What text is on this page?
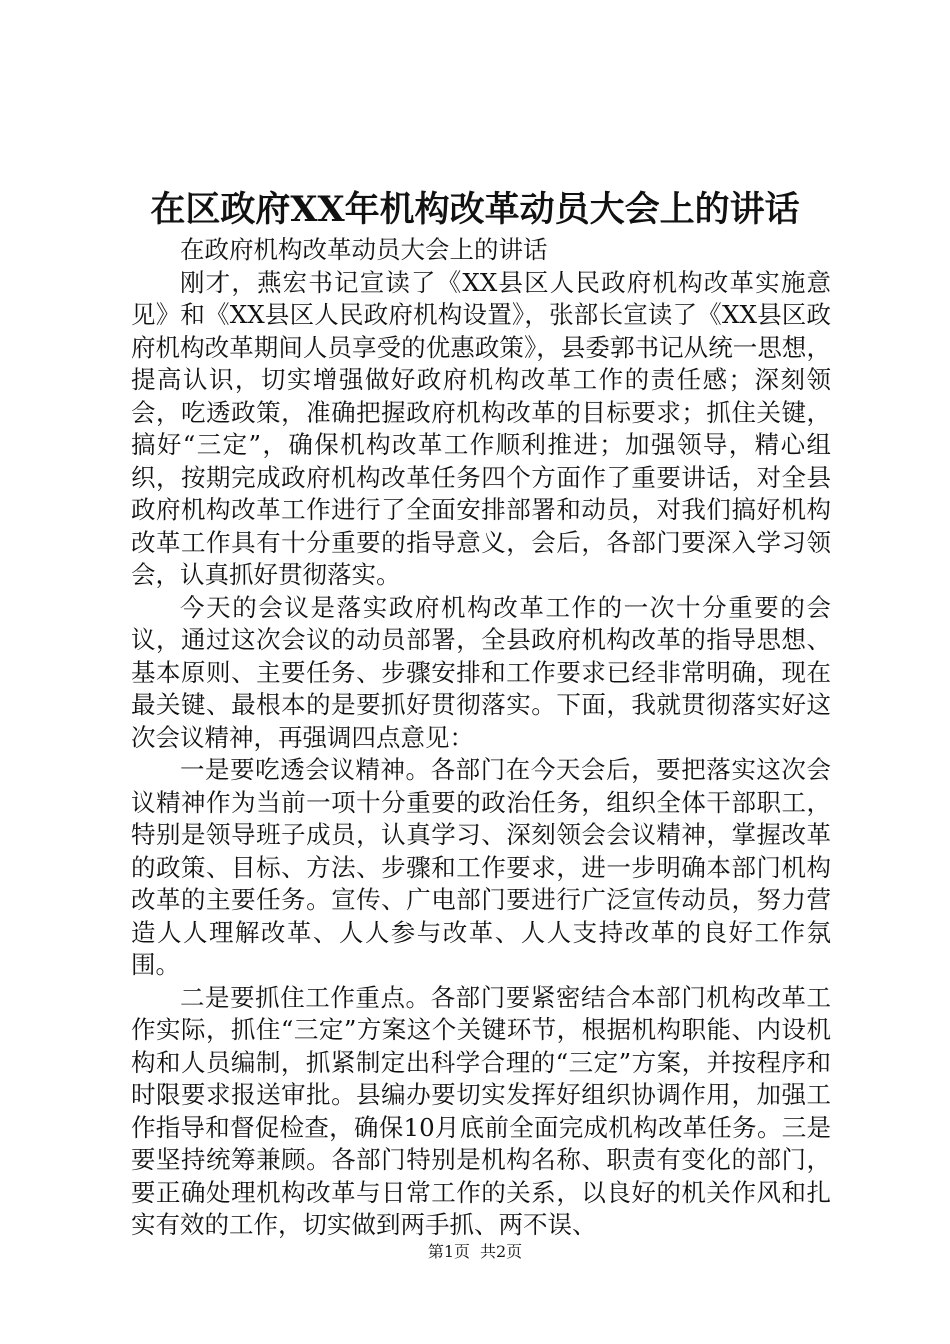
在区政府XX年机构改革动员大会上的讲话

在政府机构改革动员大会上的讲话

刚才，燕宏书记宣读了《XX县区人民政府机构改革实施意见》和《XX县区人民政府机构设置》，张部长宣读了《XX县区政府机构改革期间人员享受的优惠政策》，县委郭书记从统一思想，提高认识，切实增强做好政府机构改革工作的责任感；深刻领会，吃透政策，准确把握政府机构改革的目标要求；抓住关键，搞好“三定”，确保机构改革工作顺利推进；加强领导，精心组织，按期完成政府机构改革任务四个方面作了重要讲话，对全县政府机构改革工作进行了全面安排部署和动员，对我们搞好机构改革工作具有十分重要的指导意义，会后，各部门要深入学习领会，认真抓好贯彻落实。

今天的会议是落实政府机构改革工作的一次十分重要的会议，通过这次会议的动员部署，全县政府机构改革的指导思想、基本原则、主要任务、步骤安排和工作要求已经非常明确，现在最关键、最根本的是要抓好贯彻落实。下面，我就贯彻落实好这次会议精神，再强调四点意见：

一是要吃透会议精神。各部门在今天会后，要把落实这次会议精神作为当前一项十分重要的政治任务，组织全体干部职工，特别是领导班子成员，认真学习、深刻领会会议精神，掌握改革的政策、目标、方法、步骤和工作要求，进一步明确本部门机构改革的主要任务。宣传、广电部门要进行广泛宣传动员，努力营造人人理解改革、人人参与改革、人人支持改革的良好工作氛围。

二是要抓住工作重点。各部门要紧密结合本部门机构改革工作实际，抓住“三定”方案这个关键环节，根据机构职能、内设机构和人员编制，抓紧制定出科学合理的“三定”方案，并按程序和时限要求报送审批。县编办要切实发挥好组织协调作用，加强工作指导和督促检查，确保10月底前全面完成机构改革任务。三是要坚持统筹兼顾。各部门特别是机构名称、职责有变化的部门，要正确处理机构改革与日常工作的关系，以良好的机关作风和扎实有效的工作，切实做到两手抓、两不误、

第1页 共2页
